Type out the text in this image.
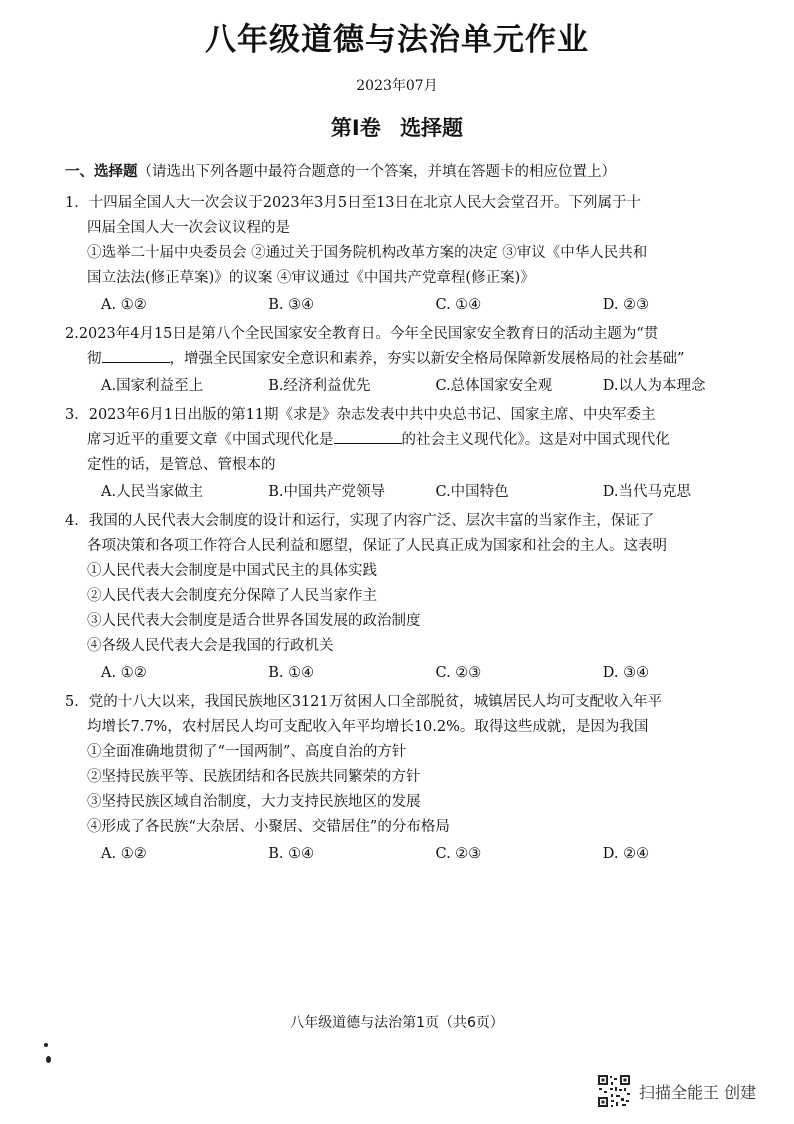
八年级道德与法治单元作业
2023年07月
第I卷 选择题
一、选择题（请选出下列各题中最符合题意的一个答案，并填在答题卡的相应位置上）
1．十四届全国人大一次会议于2023年3月5日至13日在北京人民大会堂召开。下列属于十
四届全国人大一次会议议程的是
①选举二十届中央委员会 ②通过关于国务院机构改革方案的决定 ③审议《中华人民共和
国立法法(修正草案)》的议案 ④审议通过《中国共产党章程(修正案)》
A. ①②	B. ③④	C. ①④	D. ②③
2.2023年4月15日是第八个全民国家安全教育日。今年全民国家安全教育日的活动主题为“贯
彻	，增强全民国家安全意识和素养，夯实以新安全格局保障新发展格局的社会基础”
A.国家利益至上	B.经济利益优先	C.总体国家安全观	D.以人为本理念
3．2023年6月1日出版的第11期《求是》杂志发表中共中央总书记、国家主席、中央军委主
席习近平的重要文章《中国式现代化是	的社会主义现代化》。这是对中国式现代化
定性的话，是管总、管根本的
A.人民当家做主	B.中国共产党领导	C.中国特色	D.当代马克思
4．我国的人民代表大会制度的设计和运行，实现了内容广泛、层次丰富的当家作主，保证了
各项决策和各项工作符合人民利益和愿望，保证了人民真正成为国家和社会的主人。这表明
①人民代表大会制度是中国式民主的具体实践
②人民代表大会制度充分保障了人民当家作主
③人民代表大会制度是适合世界各国发展的政治制度
④各级人民代表大会是我国的行政机关
A. ①②	B. ①④	C. ②③	D. ③④
5．党的十八大以来，我国民族地区3121万贫困人口全部脱贫，城镇居民人均可支配收入年平
均增长7.7%，农村居民人均可支配收入年平均增长10.2%。取得这些成就，是因为我国
①全面准确地贯彻了“一国两制”、高度自治的方针
②坚持民族平等、民族团结和各民族共同繁荣的方针
③坚持民族区域自治制度，大力支持民族地区的发展
④形成了各民族“大杂居、小聚居、交错居住”的分布格局
A. ①②	B. ①④	C. ②③	D. ②④
八年级道德与法治第1页（共6页）
扫描全能王 创建
